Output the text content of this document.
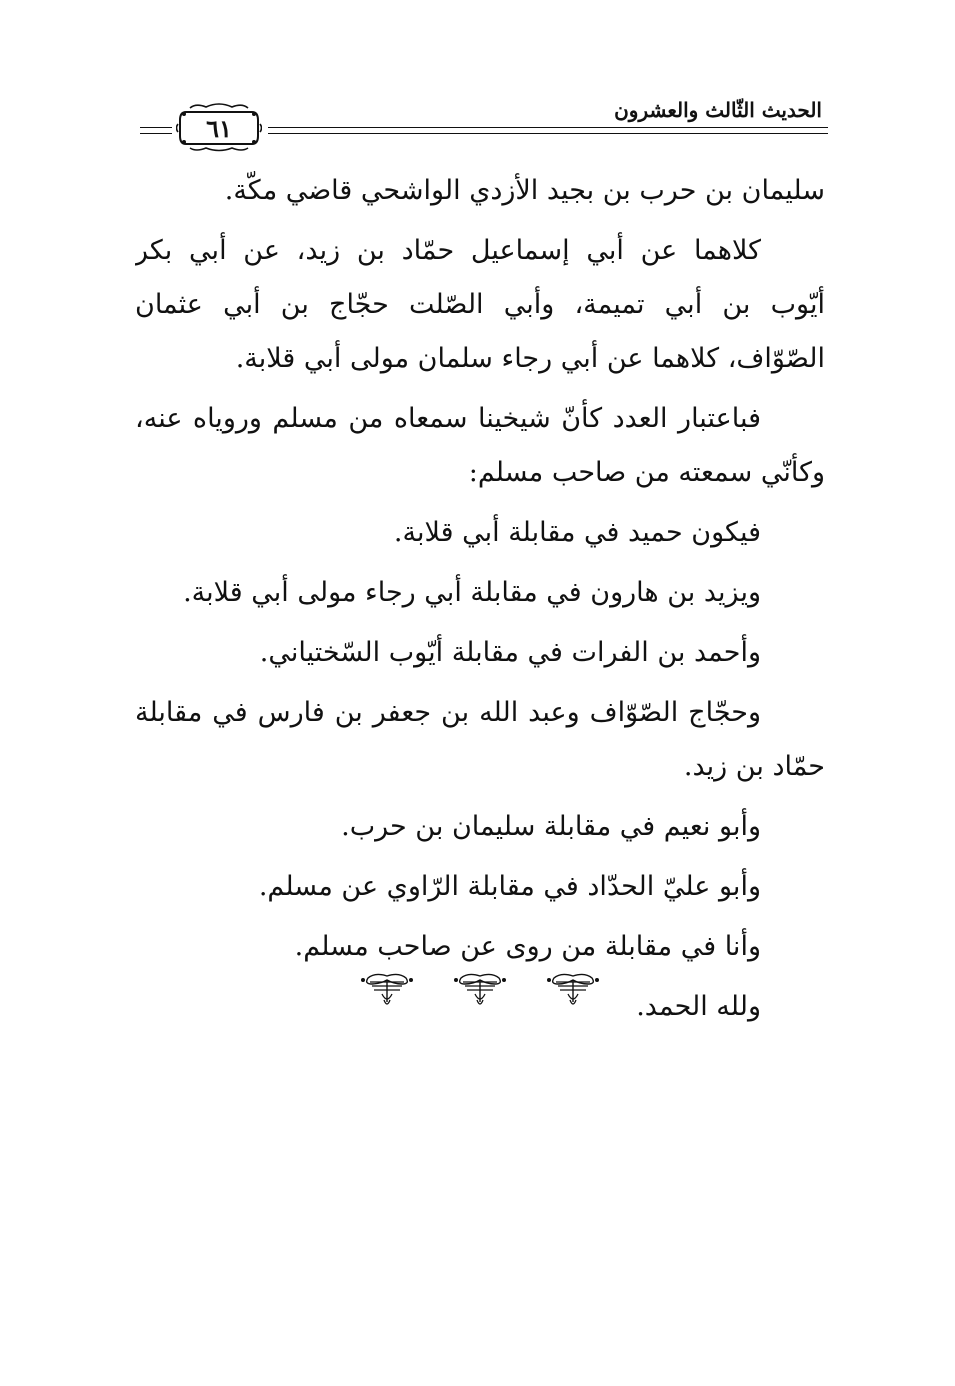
الحديث الثّالث والعشرون
٦١
سليمان بن حرب بن بجيد الأزدي الواشحي قاضي مكّة.
كلاهما عن أبي إسماعيل حمّاد بن زيد، عن أبي بكر
أيّوب بن أبي تميمة، وأبي الصّلت حجّاج بن أبي عثمان
الصّوّاف، كلاهما عن أبي رجاء سلمان مولى أبي قلابة.
فباعتبار العدد كأنّ شيخينا سمعاه من مسلم وروياه عنه،
وكأنّي سمعته من صاحب مسلم:
فيكون حميد في مقابلة أبي قلابة.
ويزيد بن هارون في مقابلة أبي رجاء مولى أبي قلابة.
وأحمد بن الفرات في مقابلة أيّوب السّختياني.
وحجّاج الصّوّاف وعبد الله بن جعفر بن فارس في مقابلة
حمّاد بن زيد.
وأبو نعيم في مقابلة سليمان بن حرب.
وأبو عليّ الحدّاد في مقابلة الرّاوي عن مسلم.
وأنا في مقابلة من روى عن صاحب مسلم.
ولله الحمد.
